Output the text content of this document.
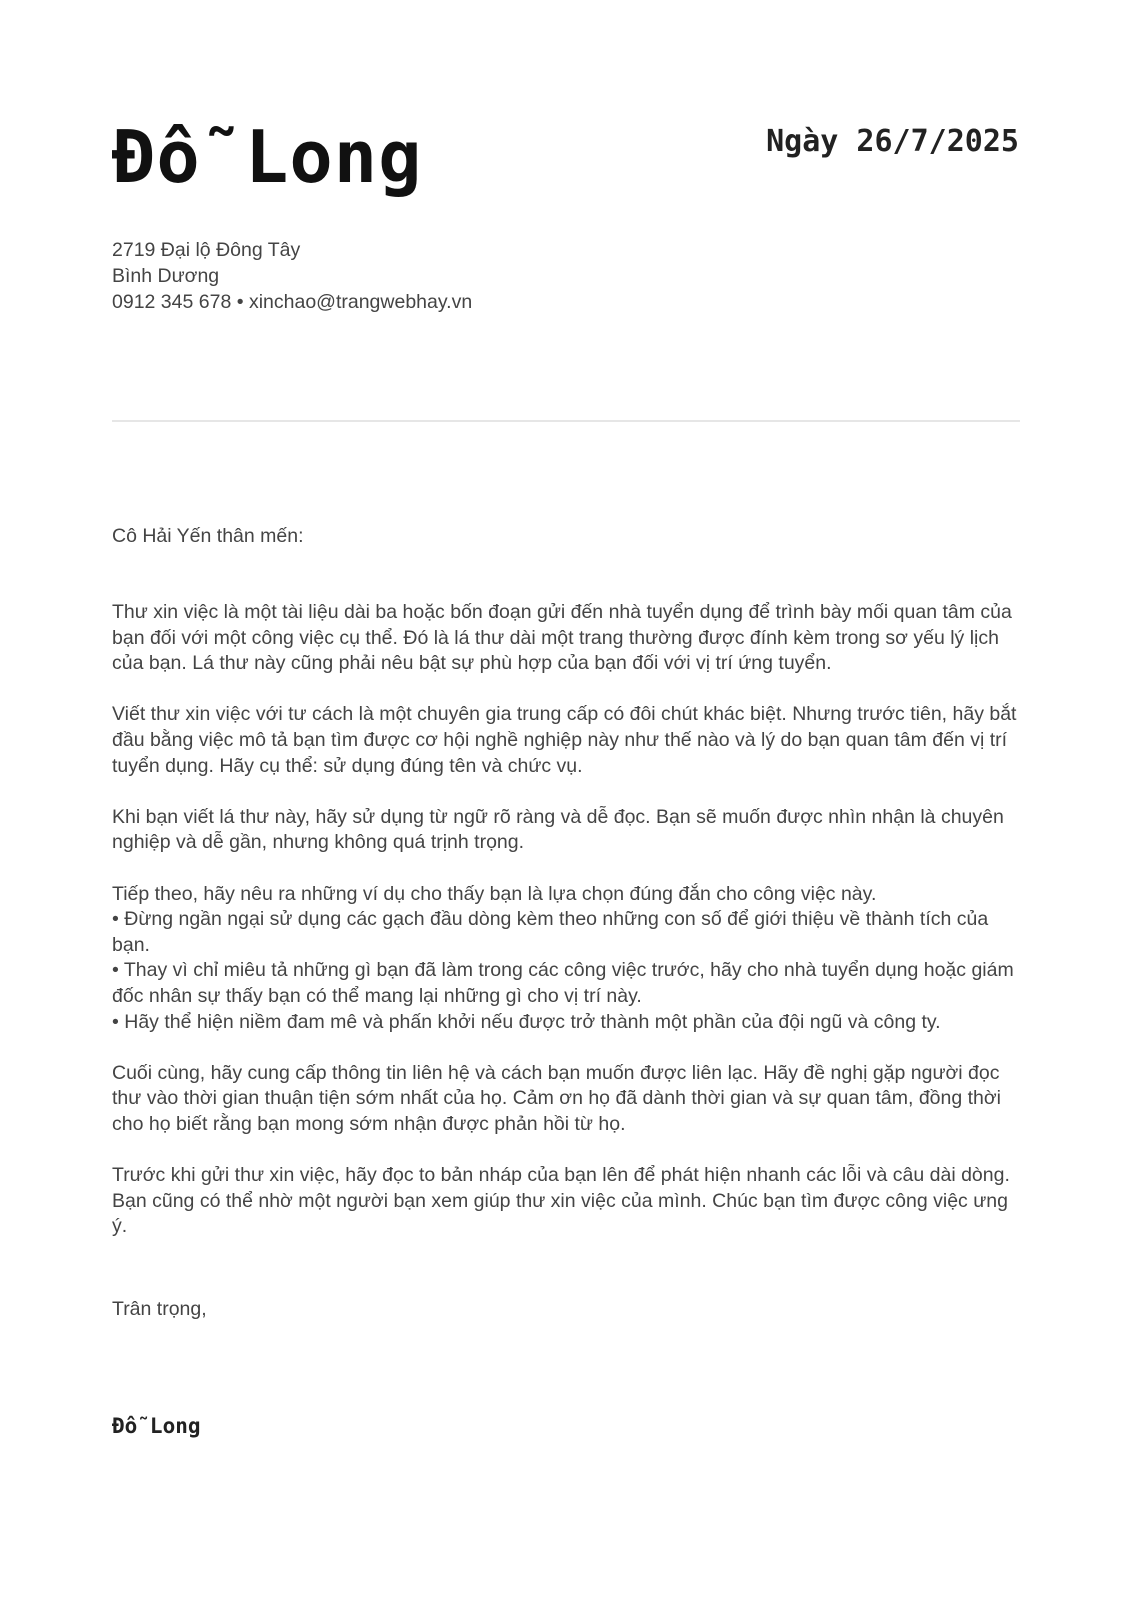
Đỗ Long	Ngày 26/7/2025
2719 Đại lộ Đông Tây
Bình Dương
0912 345 678 • xinchao@trangwebhay.vn
Cô Hải Yến thân mến:

Thư xin việc là một tài liệu dài ba hoặc bốn đoạn gửi đến nhà tuyển dụng để trình bày mối quan tâm của bạn đối với một công việc cụ thể. Đó là lá thư dài một trang thường được đính kèm trong sơ yếu lý lịch của bạn. Lá thư này cũng phải nêu bật sự phù hợp của bạn đối với vị trí ứng tuyển.

Viết thư xin việc với tư cách là một chuyên gia trung cấp có đôi chút khác biệt. Nhưng trước tiên, hãy bắt đầu bằng việc mô tả bạn tìm được cơ hội nghề nghiệp này như thế nào và lý do bạn quan tâm đến vị trí tuyển dụng. Hãy cụ thể: sử dụng đúng tên và chức vụ.

Khi bạn viết lá thư này, hãy sử dụng từ ngữ rõ ràng và dễ đọc. Bạn sẽ muốn được nhìn nhận là chuyên nghiệp và dễ gần, nhưng không quá trịnh trọng.

Tiếp theo, hãy nêu ra những ví dụ cho thấy bạn là lựa chọn đúng đắn cho công việc này.

• Đừng ngần ngại sử dụng các gạch đầu dòng kèm theo những con số để giới thiệu về thành tích của bạn.

• Thay vì chỉ miêu tả những gì bạn đã làm trong các công việc trước, hãy cho nhà tuyển dụng hoặc giám đốc nhân sự thấy bạn có thể mang lại những gì cho vị trí này.

• Hãy thể hiện niềm đam mê và phấn khởi nếu được trở thành một phần của đội ngũ và công ty.

Cuối cùng, hãy cung cấp thông tin liên hệ và cách bạn muốn được liên lạc. Hãy đề nghị gặp người đọc thư vào thời gian thuận tiện sớm nhất của họ. Cảm ơn họ đã dành thời gian và sự quan tâm, đồng thời cho họ biết rằng bạn mong sớm nhận được phản hồi từ họ.

Trước khi gửi thư xin việc, hãy đọc to bản nháp của bạn lên để phát hiện nhanh các lỗi và câu dài dòng. Bạn cũng có thể nhờ một người bạn xem giúp thư xin việc của mình. Chúc bạn tìm được công việc ưng ý.

Trân trọng,
Đỗ Long
